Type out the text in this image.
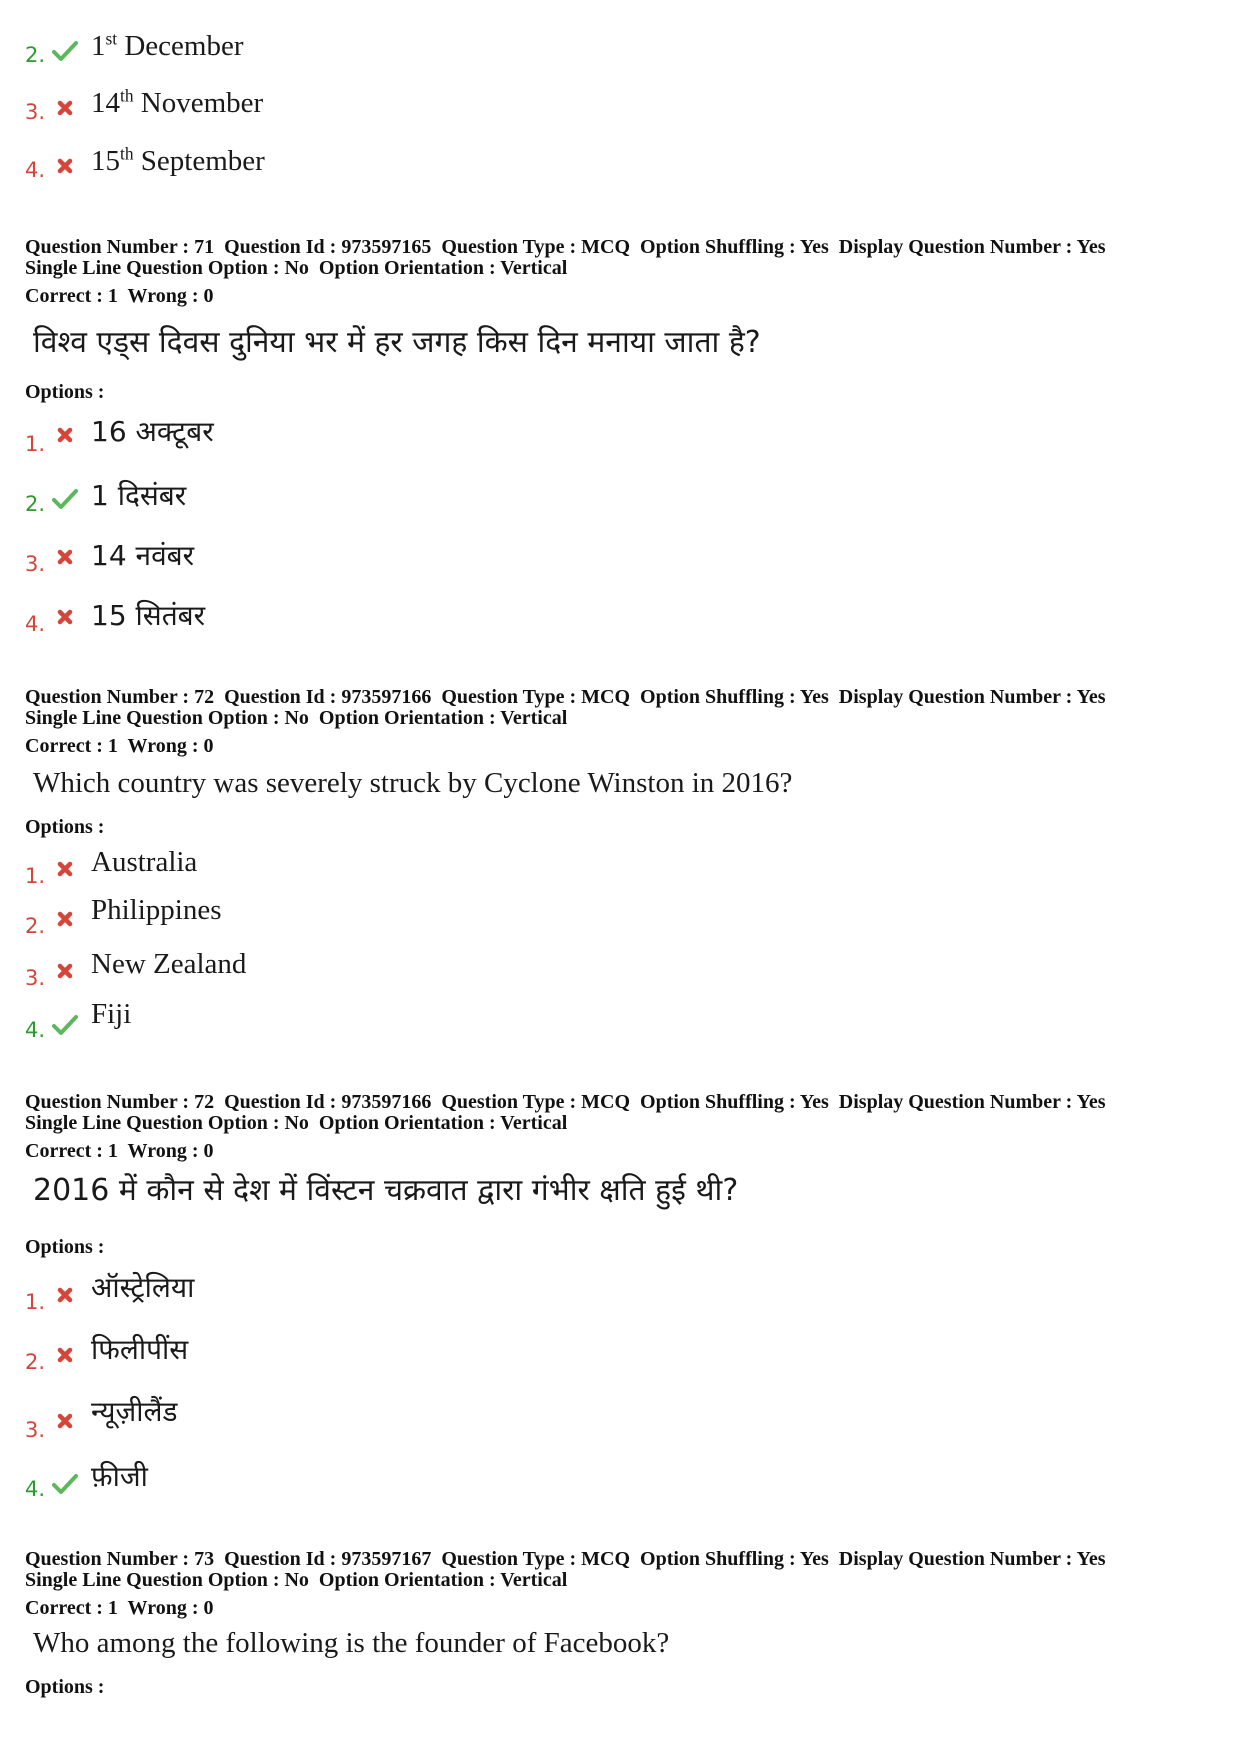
2. 1st December
3. 14th November
4. 15th September
Question Number : 71  Question Id : 973597165  Question Type : MCQ  Option Shuffling : Yes  Display Question Number : Yes
Single Line Question Option : No  Option Orientation : Vertical
Correct : 1  Wrong : 0
विश्व एड्स दिवस दुनिया भर में हर जगह किस दिन मनाया जाता है?
Options :
1. 16 अक्टूबर
2. 1 दिसंबर
3. 14 नवंबर
4. 15 सितंबर
Question Number : 72  Question Id : 973597166  Question Type : MCQ  Option Shuffling : Yes  Display Question Number : Yes
Single Line Question Option : No  Option Orientation : Vertical
Correct : 1  Wrong : 0
Which country was severely struck by Cyclone Winston in 2016?
Options :
1. Australia
2. Philippines
3. New Zealand
4. Fiji
Question Number : 72  Question Id : 973597166  Question Type : MCQ  Option Shuffling : Yes  Display Question Number : Yes
Single Line Question Option : No  Option Orientation : Vertical
Correct : 1  Wrong : 0
2016 में कौन से देश में विंस्टन चक्रवात द्वारा गंभीर क्षति हुई थी?
Options :
1. ऑस्ट्रेलिया
2. फिलीपींस
3.
न्यूज़ीलैंड
4. फ़ीजी
Question Number : 73  Question Id : 973597167  Question Type : MCQ  Option Shuffling : Yes  Display Question Number : Yes
Single Line Question Option : No  Option Orientation : Vertical
Correct : 1  Wrong : 0
Who among the following is the founder of Facebook?
Options :
